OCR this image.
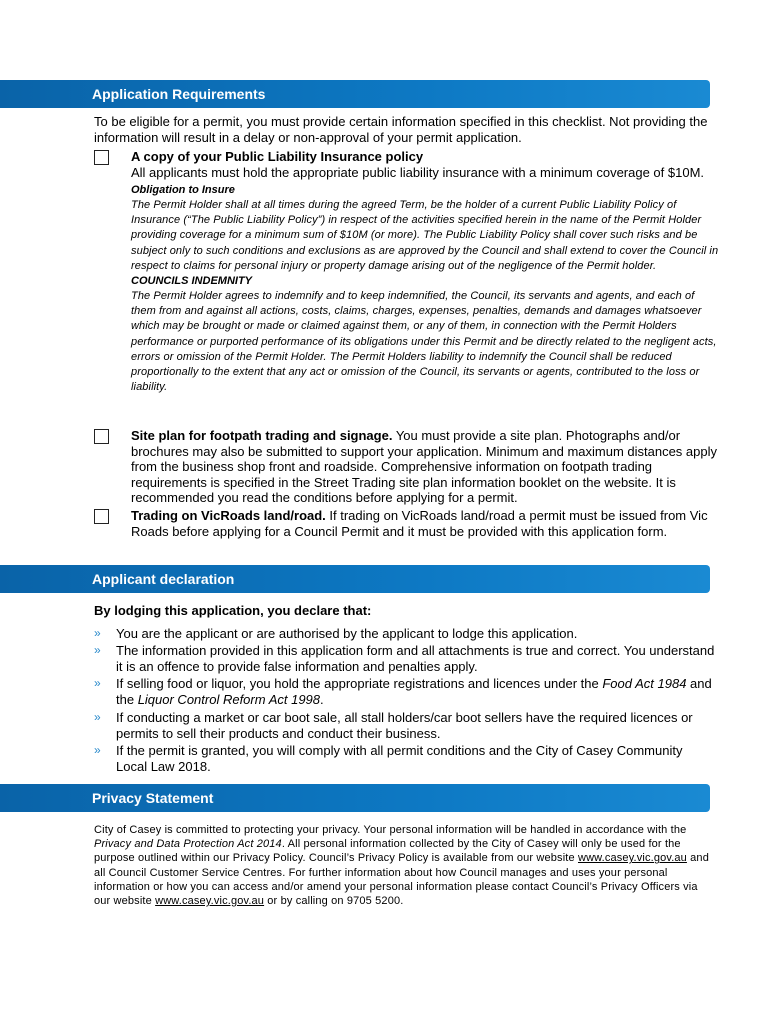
Application Requirements
To be eligible for a permit, you must provide certain information specified in this checklist. Not providing the information will result in a delay or non-approval of your permit application.
A copy of your Public Liability Insurance policy
All applicants must hold the appropriate public liability insurance with a minimum coverage of $10M.
Obligation to Insure
The Permit Holder shall at all times during the agreed Term, be the holder of a current Public Liability Policy of Insurance (“The Public Liability Policy”) in respect of the activities specified herein in the name of the Permit Holder providing coverage for a minimum sum of $10M (or more). The Public Liability Policy shall cover such risks and be subject only to such conditions and exclusions as are approved by the Council and shall extend to cover the Council in respect to claims for personal injury or property damage arising out of the negligence of the Permit holder.
COUNCILS INDEMNITY
The Permit Holder agrees to indemnify and to keep indemnified, the Council, its servants and agents, and each of them from and against all actions, costs, claims, charges, expenses, penalties, demands and damages whatsoever which may be brought or made or claimed against them, or any of them, in connection with the Permit Holders performance or purported performance of its obligations under this Permit and be directly related to the negligent acts, errors or omission of the Permit Holder. The Permit Holders liability to indemnify the Council shall be reduced proportionally to the extent that any act or omission of the Council, its servants or agents, contributed to the loss or liability.
Site plan for footpath trading and signage. You must provide a site plan. Photographs and/or brochures may also be submitted to support your application. Minimum and maximum distances apply from the business shop front and roadside. Comprehensive information on footpath trading requirements is specified in the Street Trading site plan information booklet on the website. It is recommended you read the conditions before applying for a permit.
Trading on VicRoads land/road. If trading on VicRoads land/road a permit must be issued from Vic Roads before applying for a Council Permit and it must be provided with this application form.
Applicant declaration
By lodging this application, you declare that:
» You are the applicant or are authorised by the applicant to lodge this application.
» The information provided in this application form and all attachments is true and correct. You understand it is an offence to provide false information and penalties apply.
» If selling food or liquor, you hold the appropriate registrations and licences under the Food Act 1984 and the Liquor Control Reform Act 1998.
» If conducting a market or car boot sale, all stall holders/car boot sellers have the required licences or permits to sell their products and conduct their business.
» If the permit is granted, you will comply with all permit conditions and the City of Casey Community Local Law 2018.
Privacy Statement
City of Casey is committed to protecting your privacy. Your personal information will be handled in accordance with the Privacy and Data Protection Act 2014. All personal information collected by the City of Casey will only be used for the purpose outlined within our Privacy Policy. Council’s Privacy Policy is available from our website www.casey.vic.gov.au and all Council Customer Service Centres. For further information about how Council manages and uses your personal information or how you can access and/or amend your personal information please contact Council’s Privacy Officers via our website www.casey.vic.gov.au or by calling on 9705 5200.
